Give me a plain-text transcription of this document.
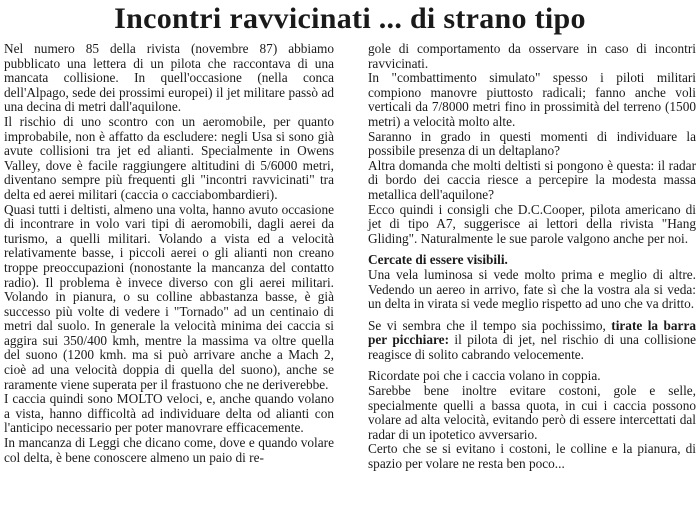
Incontri ravvicinati ... di strano tipo

Nel numero 85 della rivista (novembre 87) abbiamo pubblicato una lettera di un pilota che raccontava di una mancata collisione. In quell'occasione (nella conca dell'Alpago, sede dei prossimi europei) il jet militare passò ad una decina di metri dall'aquilone.

Il rischio di uno scontro con un aeromobile, per quanto improbabile, non è affatto da escludere: negli Usa si sono già avute collisioni tra jet ed alianti. Specialmente in Owens Valley, dove è facile raggiungere altitudini di 5/6000 metri, diventano sempre più frequenti gli "incontri ravvicinati" tra delta ed aerei militari (caccia o cacciabombardieri).

Quasi tutti i deltisti, almeno una volta, hanno avuto occasione di incontrare in volo vari tipi di aeromobili, dagli aerei da turismo, a quelli militari. Volando a vista ed a velocità relativamente basse, i piccoli aerei o gli alianti non creano troppe preoccupazioni (nonostante la mancanza del contatto radio). Il problema è invece diverso con gli aerei militari. Volando in pianura, o su colline abbastanza basse, è già successo più volte di vedere i "Tornado" ad un centinaio di metri dal suolo. In generale la velocità minima dei caccia si aggira sui 350/400 kmh, mentre la massima va oltre quella del suono (1200 kmh. ma si può arrivare anche a Mach 2, cioè ad una velocità doppia di quella del suono), anche se raramente viene superata per il frastuono che ne deriverebbe.

I caccia quindi sono MOLTO veloci, e, anche quando volano a vista, hanno difficoltà ad individuare delta od alianti con l'anticipo necessario per poter manovrare efficacemente.

In mancanza di Leggi che dicano come, dove e quando volare col delta, è bene conoscere almeno un paio di re-

gole di comportamento da osservare in caso di incontri ravvicinati.

In "combattimento simulato" spesso i piloti militari compiono manovre piuttosto radicali; fanno anche voli verticali da 7/8000 metri fino in prossimità del terreno (1500 metri) a velocità molto alte.

Saranno in grado in questi momenti di individuare la possibile presenza di un deltaplano?

Altra domanda che molti deltisti si pongono è questa: il radar di bordo dei caccia riesce a percepire la modesta massa metallica dell'aquilone?

Ecco quindi i consigli che D.C.Cooper, pilota americano di jet di tipo A7, suggerisce ai lettori della rivista "Hang Gliding". Naturalmente le sue parole valgono anche per noi.

Cercate di essere visibili.

Una vela luminosa si vede molto prima e meglio di altre. Vedendo un aereo in arrivo, fate sì che la vostra ala si veda: un delta in virata si vede meglio rispetto ad uno che va dritto.

Se vi sembra che il tempo sia pochissimo, tirate la barra per picchiare: il pilota di jet, nel rischio di una collisione reagisce di solito cabrando velocemente.

Ricordate poi che i caccia volano in coppia.

Sarebbe bene inoltre evitare costoni, gole e selle, specialmente quelli a bassa quota, in cui i caccia possono volare ad alta velocità, evitando però di essere intercettati dal radar di un ipotetico avversario.

Certo che se si evitano i costoni, le colline e la pianura, di spazio per volare ne resta ben poco...
